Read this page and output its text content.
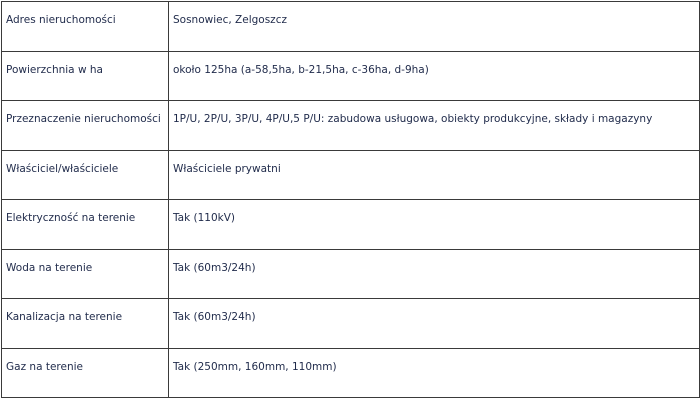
Adres nieruchomości	Sosnowiec, Zelgoszcz
Powierzchnia w ha	około 125ha (a-58,5ha, b-21,5ha, c-36ha, d-9ha)
Przeznaczenie nieruchomości	1P/U, 2P/U, 3P/U, 4P/U,5 P/U: zabudowa usługowa, obiekty produkcyjne, składy i magazyny
Właściciel/właściciele	Właściciele prywatni
Elektryczność na terenie	Tak (110kV)
Woda na terenie	Tak (60m3/24h)
Kanalizacja na terenie	Tak (60m3/24h)
Gaz na terenie	Tak (250mm, 160mm, 110mm)
